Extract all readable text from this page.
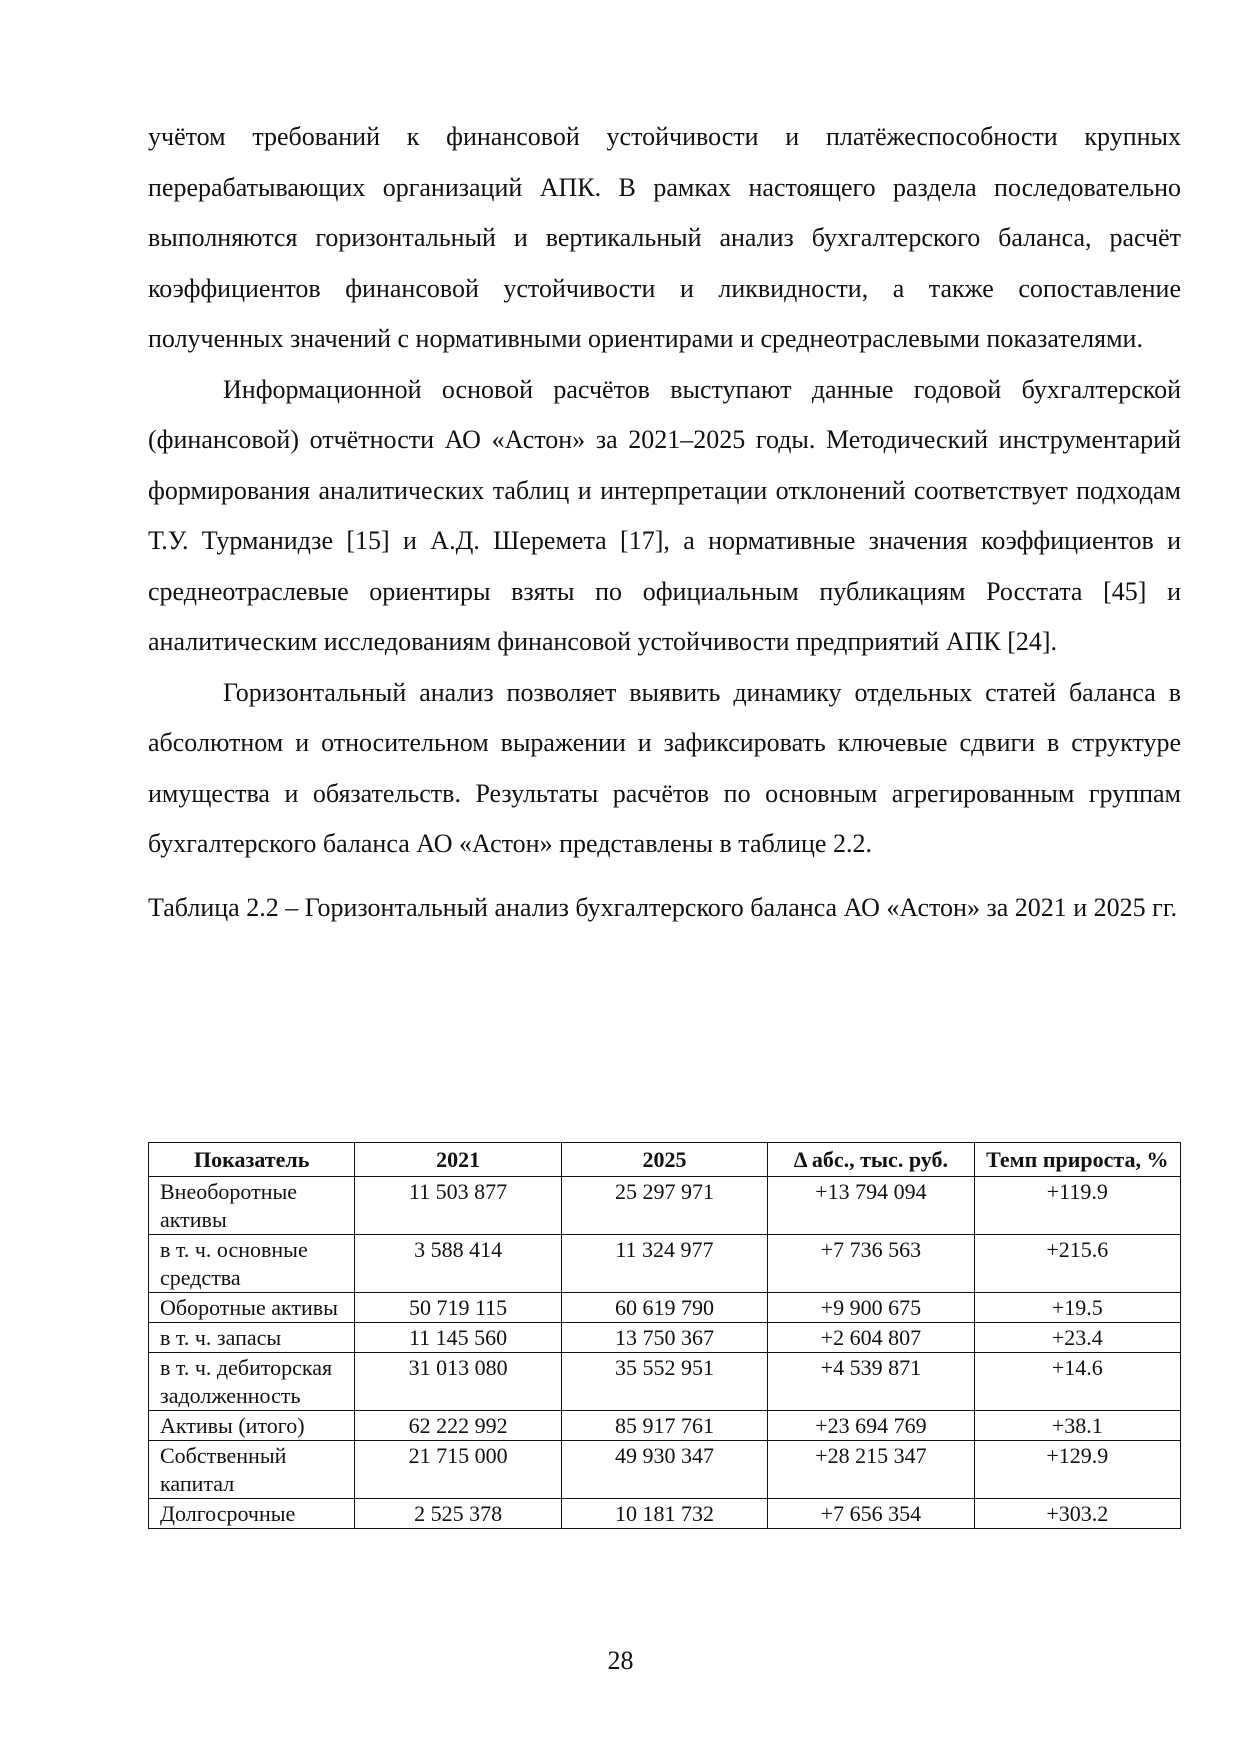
учётом требований к финансовой устойчивости и платёжеспособности крупных перерабатывающих организаций АПК. В рамках настоящего раздела последовательно выполняются горизонтальный и вертикальный анализ бухгалтерского баланса, расчёт коэффициентов финансовой устойчивости и ликвидности, а также сопоставление полученных значений с нормативными ориентирами и среднеотраслевыми показателями.

Информационной основой расчётов выступают данные годовой бухгалтерской (финансовой) отчётности АО «Астон» за 2021–2025 годы. Методический инструментарий формирования аналитических таблиц и интерпретации отклонений соответствует подходам Т.У. Турманидзе [15] и А.Д. Шеремета [17], а нормативные значения коэффициентов и среднеотраслевые ориентиры взяты по официальным публикациям Росстата [45] и аналитическим исследованиям финансовой устойчивости предприятий АПК [24].

Горизонтальный анализ позволяет выявить динамику отдельных статей баланса в абсолютном и относительном выражении и зафиксировать ключевые сдвиги в структуре имущества и обязательств. Результаты расчётов по основным агрегированным группам бухгалтерского баланса АО «Астон» представлены в таблице 2.2.

Таблица 2.2 – Горизонтальный анализ бухгалтерского баланса АО «Астон» за 2021 и 2025 гг.

Показатель	2021	2025	Δ абс., тыс. руб.	Темп прироста, %
Внеоборотные активы	11 503 877	25 297 971	+13 794 094	+119.9
в т. ч. основные средства	3 588 414	11 324 977	+7 736 563	+215.6
Оборотные активы	50 719 115	60 619 790	+9 900 675	+19.5
в т. ч. запасы	11 145 560	13 750 367	+2 604 807	+23.4
в т. ч. дебиторская задолженность	31 013 080	35 552 951	+4 539 871	+14.6
Активы (итого)	62 222 992	85 917 761	+23 694 769	+38.1
Собственный капитал	21 715 000	49 930 347	+28 215 347	+129.9
Долгосрочные	2 525 378	10 181 732	+7 656 354	+303.2
28
